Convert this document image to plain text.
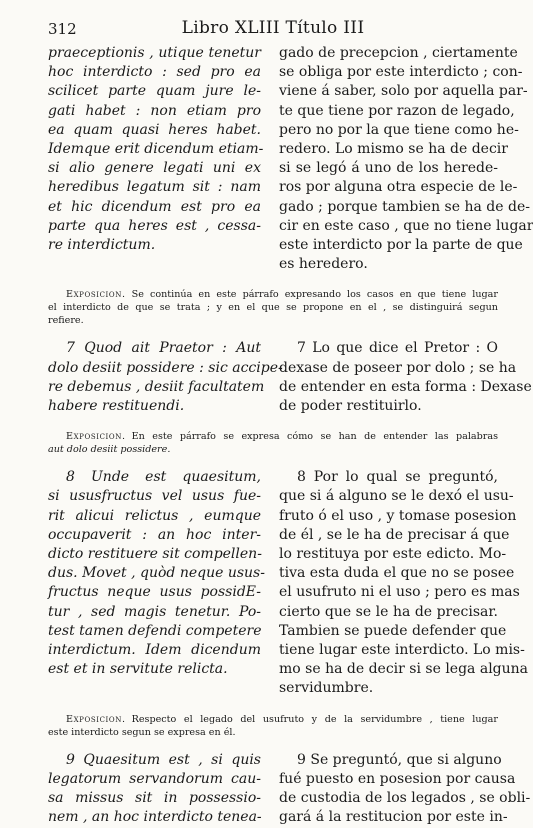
312	Libro XLIII Título III
praeceptionis , utique tenetur
hoc interdicto : sed pro ea
scilicet parte quam jure le-
gati habet : non etiam pro
ea quam quasi heres habet.
Idemque erit dicendum etiam-
si alio genere legati uni ex
heredibus legatum sit : nam
et hic dicendum est pro ea
parte qua heres est , cessa-
re interdictum.
gado de precepcion , ciertamente
se obliga por este interdicto ; con-
viene á saber, solo por aquella par-
te que tiene por razon de legado,
pero no por la que tiene como he-
redero. Lo mismo se ha de decir
si se legó á uno de los herede-
ros por alguna otra especie de le-
gado ; porque tambien se ha de de-
cir en este caso , que no tiene lugar
este interdicto por la parte de que
es heredero.
Exposicion. Se continúa en este párrafo expresando los casos en que tiene lugar
el interdicto de que se trata ; y en el que se propone en el , se distinguirá segun
refiere.
7 Quod ait Praetor : Aut
dolo desiit possidere : sic accipe-
re debemus , desiit facultatem
habere restituendi.
7 Lo que dice el Pretor : O
dexase de poseer por dolo ; se ha
de entender en esta forma : Dexase
de poder restituirlo.
Exposicion. En este párrafo se expresa cómo se han de entender las palabras
aut dolo desiit possidere.
8 Unde est quaesitum,
si ususfructus vel usus fue-
rit alicui relictus , eumque
occupaverit : an hoc inter-
dicto restituere sit compellen-
dus. Movet , quòd neque usus-
fructus neque usus possidE-
tur , sed magis tenetur. Po-
test tamen defendi competere
interdictum. Idem dicendum
est et in servitute relicta.
8 Por lo qual se preguntó,
que si á alguno se le dexó el usu-
fruto ó el uso , y tomase posesion
de él , se le ha de precisar á que
lo restituya por este edicto. Mo-
tiva esta duda el que no se posee
el usufruto ni el uso ; pero es mas
cierto que se le ha de precisar.
Tambien se puede defender que
tiene lugar este interdicto. Lo mis-
mo se ha de decir si se lega alguna
servidumbre.
Exposicion. Respecto el legado del usufruto y de la servidumbre , tiene lugar
este interdicto segun se expresa en él.
9 Quaesitum est , si quis
legatorum servandorum cau-
sa missus sit in possessio-
nem , an hoc interdicto tenea-
9 Se preguntó, que si alguno
fué puesto en posesion por causa
de custodia de los legados , se obli-
gará á la restitucion por este in-
